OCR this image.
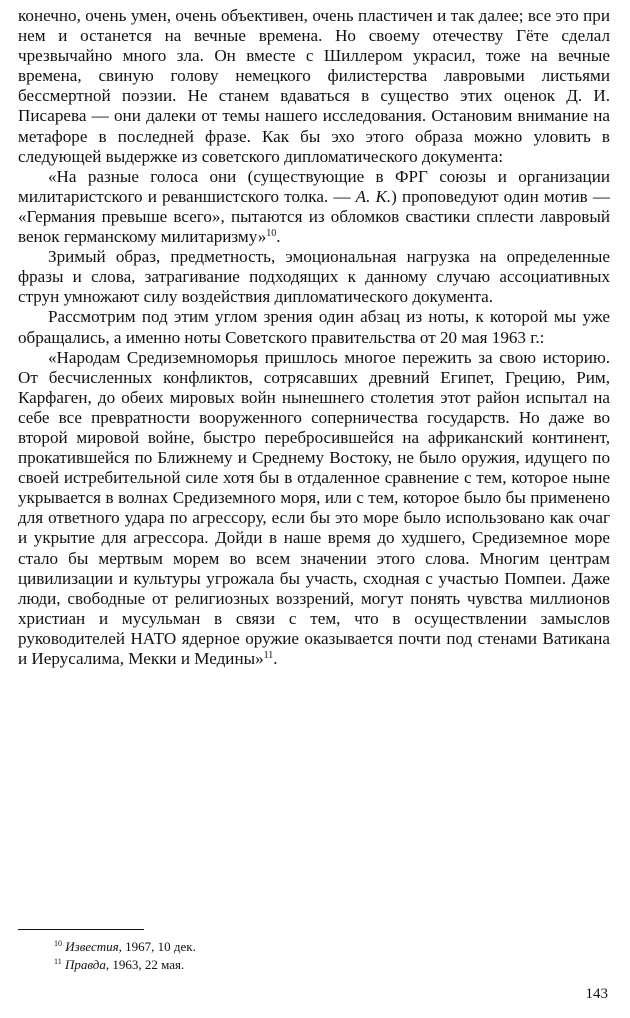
конечно, очень умен, очень объективен, очень пластичен и так далее; все это при нем и останется на вечные времена. Но своему отечеству Гёте сделал чрезвычайно много зла. Он вместе с Шиллером украсил, тоже на вечные времена, свиную голову немецкого филистерства лавровыми листьями бессмертной поэзии. Не станем вдаваться в существо этих оценок Д. И. Писарева — они далеки от темы нашего исследования. Остановим внимание на метафоре в последней фразе. Как бы эхо этого образа можно уловить в следующей выдержке из советского дипломатического документа:

«На разные голоса они (существующие в ФРГ союзы и организации милитаристского и реваншистского толка. — А. К.) проповедуют один мотив — «Германия превыше всего», пытаются из обломков свастики сплести лавровый венок германскому милитаризму»$^{10}$.

Зримый образ, предметность, эмоциональная нагрузка на определенные фразы и слова, затрагивание подходящих к данному случаю ассоциативных струн умножают силу воздействия дипломатического документа.

Рассмотрим под этим углом зрения один абзац из ноты, к которой мы уже обращались, а именно ноты Советского правительства от 20 мая 1963 г.:

«Народам Средиземноморья пришлось многое пережить за свою историю. От бесчисленных конфликтов, сотрясавших древний Египет, Грецию, Рим, Карфаген, до обеих мировых войн нынешнего столетия этот район испытал на себе все превратности вооруженного соперничества государств. Но даже во второй мировой войне, быстро перебросившейся на африканский континент, прокатившейся по Ближнему и Среднему Востоку, не было оружия, идущего по своей истребительной силе хотя бы в отдаленное сравнение с тем, которое ныне укрывается в волнах Средиземного моря, или с тем, которое было бы применено для ответного удара по агрессору, если бы это море было использовано как очаг и укрытие для агрессора. Дойди в наше время до худшего, Средиземное море стало бы мертвым морем во всем значении этого слова. Многим центрам цивилизации и культуры угрожала бы участь, сходная с участью Помпеи. Даже люди, свободные от религиозных воззрений, могут понять чувства миллионов христиан и мусульман в связи с тем, что в осуществлении замыслов руководителей НАТО ядерное оружие оказывается почти под стенами Ватикана и Иерусалима, Мекки и Медины»$^{11}$.

$^{10}$ Известия, 1967, 10 дек.
$^{11}$ Правда, 1963, 22 мая.
143
